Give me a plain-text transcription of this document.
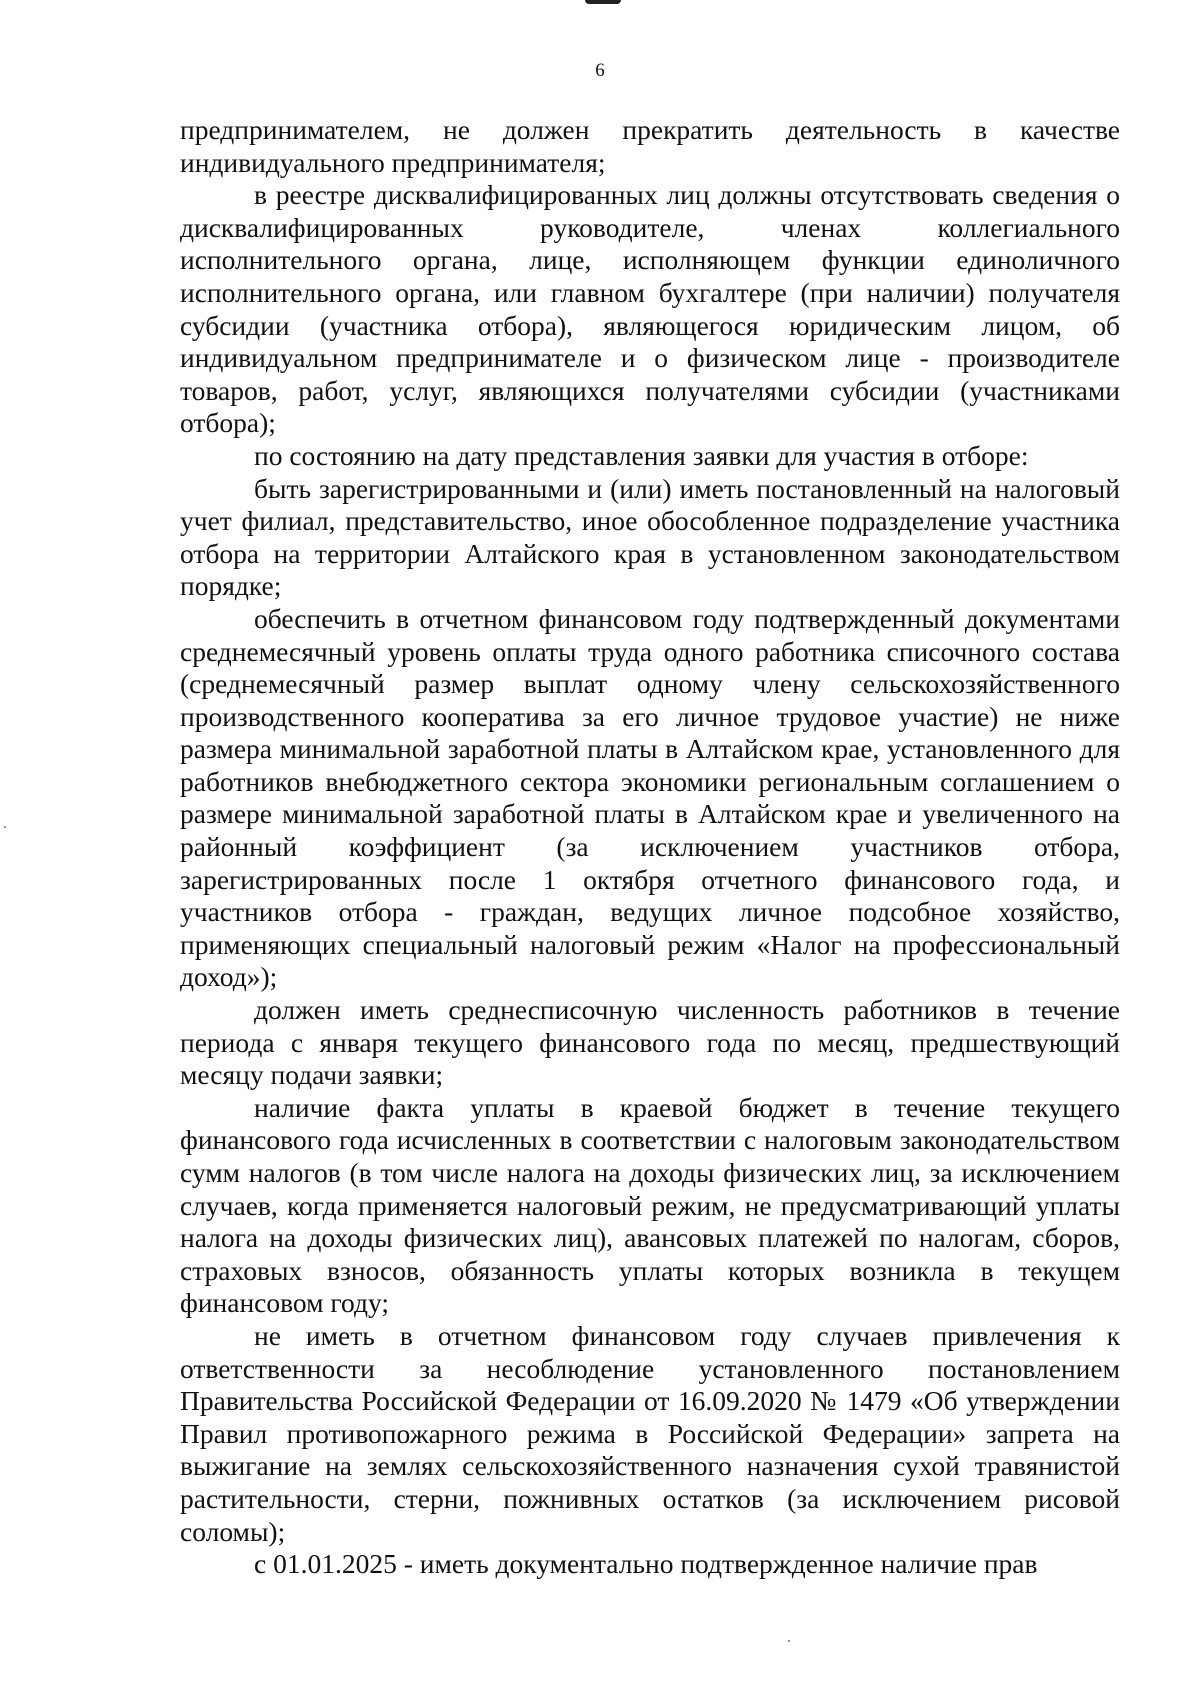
6

предпринимателем, не должен прекратить деятельность в качестве индивидуального предпринимателя;

в реестре дисквалифицированных лиц должны отсутствовать сведения о дисквалифицированных руководителе, членах коллегиального исполнительного органа, лице, исполняющем функции единоличного исполнительного органа, или главном бухгалтере (при наличии) получателя субсидии (участника отбора), являющегося юридическим лицом, об индивидуальном предпринимателе и о физическом лице - производителе товаров, работ, услуг, являющихся получателями субсидии (участниками отбора);

по состоянию на дату представления заявки для участия в отборе:

быть зарегистрированными и (или) иметь постановленный на налоговый учет филиал, представительство, иное обособленное подразделение участника отбора на территории Алтайского края в установленном законодательством порядке;

обеспечить в отчетном финансовом году подтвержденный документами среднемесячный уровень оплаты труда одного работника списочного состава (среднемесячный размер выплат одному члену сельскохозяйственного производственного кооператива за его личное трудовое участие) не ниже размера минимальной заработной платы в Алтайском крае, установленного для работников внебюджетного сектора экономики региональным соглашением о размере минимальной заработной платы в Алтайском крае и увеличенного на районный коэффициент (за исключением участников отбора, зарегистрированных после 1 октября отчетного финансового года, и участников отбора - граждан, ведущих личное подсобное хозяйство, применяющих специальный налоговый режим «Налог на профессиональный доход»);

должен иметь среднесписочную численность работников в течение периода с января текущего финансового года по месяц, предшествующий месяцу подачи заявки;

наличие факта уплаты в краевой бюджет в течение текущего финансового года исчисленных в соответствии с налоговым законодательством сумм налогов (в том числе налога на доходы физических лиц, за исключением случаев, когда применяется налоговый режим, не предусматривающий уплаты налога на доходы физических лиц), авансовых платежей по налогам, сборов, страховых взносов, обязанность уплаты которых возникла в текущем финансовом году;

не иметь в отчетном финансовом году случаев привлечения к ответственности за несоблюдение установленного постановлением Правительства Российской Федерации от 16.09.2020 № 1479 «Об утверждении Правил противопожарного режима в Российской Федерации» запрета на выжигание на землях сельскохозяйственного назначения сухой травянистой растительности, стерни, пожнивных остатков (за исключением рисовой соломы);

с 01.01.2025 - иметь документально подтвержденное наличие прав
